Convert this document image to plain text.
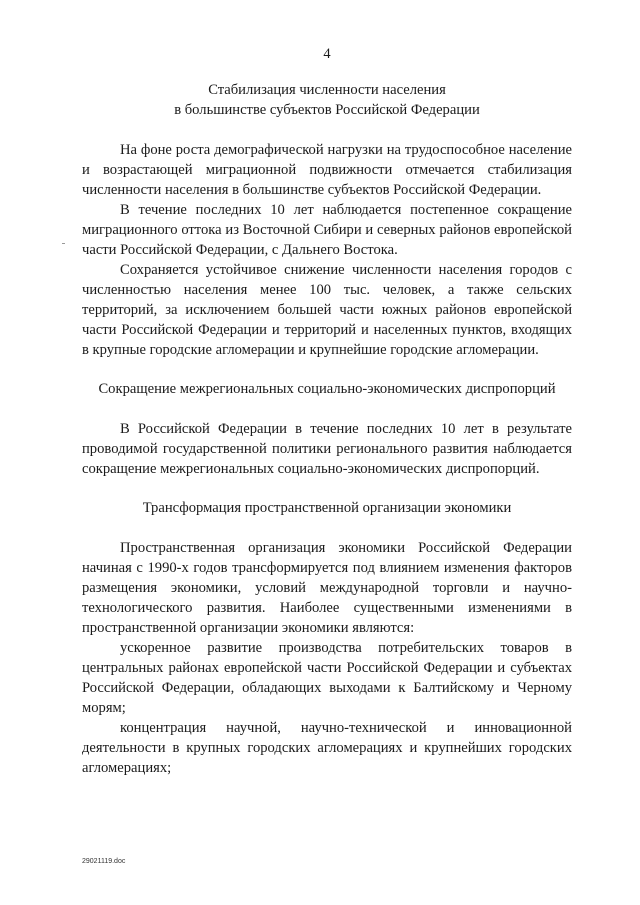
4
Стабилизация численности населения
в большинстве субъектов Российской Федерации

На фоне роста демографической нагрузки на трудоспособное население и возрастающей миграционной подвижности отмечается стабилизация численности населения в большинстве субъектов Российской Федерации.

В течение последних 10 лет наблюдается постепенное сокращение миграционного оттока из Восточной Сибири и северных районов европейской части Российской Федерации, с Дальнего Востока.

Сохраняется устойчивое снижение численности населения городов с численностью населения менее 100 тыс. человек, а также сельских территорий, за исключением большей части южных районов европейской части Российской Федерации и территорий и населенных пунктов, входящих в крупные городские агломерации и крупнейшие городские агломерации.

Сокращение межрегиональных социально-экономических диспропорций

В Российской Федерации в течение последних 10 лет в результате проводимой государственной политики регионального развития наблюдается сокращение межрегиональных социально-экономических диспропорций.

Трансформация пространственной организации экономики

Пространственная организация экономики Российской Федерации начиная с 1990-х годов трансформируется под влиянием изменения факторов размещения экономики, условий международной торговли и научно-технологического развития. Наиболее существенными изменениями в пространственной организации экономики являются:

ускоренное развитие производства потребительских товаров в центральных районах европейской части Российской Федерации и субъектах Российской Федерации, обладающих выходами к Балтийскому и Черному морям;

концентрация научной, научно-технической и инновационной деятельности в крупных городских агломерациях и крупнейших городских агломерациях;

29021119.doc
